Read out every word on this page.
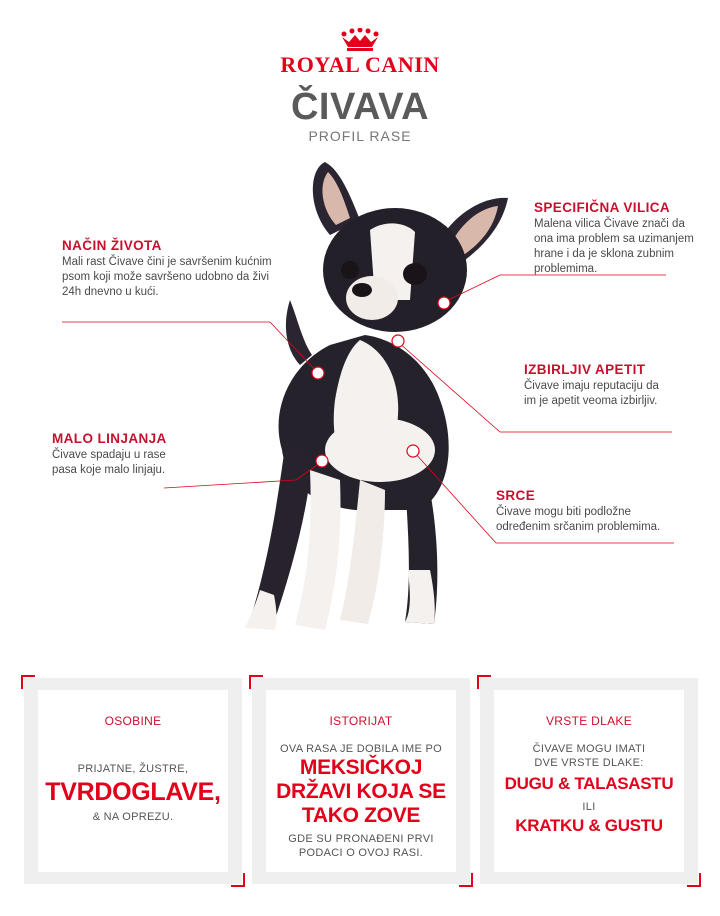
ROYAL CANIN
ČIVAVA
PROFIL RASE
NAČIN ŽIVOTA

Mali rast Čivave čini je savršenim kućnim psom koji može savršeno udobno da živi 24h dnevno u kući.

SPECIFIČNA VILICA

Malena vilica Čivave znači da ona ima problem sa uzimanjem hrane i da je sklona zubnim problemima.

IZBIRLJIV APETIT

Čivave imaju reputaciju da im je apetit veoma izbirljiv.

MALO LINJANJA

Čivave spadaju u rase pasa koje malo linjaju.

SRCE

Čivave mogu biti podložne određenim srčanim problemima.

OSOBINE
PRIJATNE, ŽUSTRE,
TVRDOGLAVE,
& NA OPREZU.
ISTORIJAT
OVA RASA JE DOBILA IME PO
MEKSIČKOJ
DRŽAVI KOJA SE
TAKO ZOVE
GDE SU PRONAĐENI PRVI
PODACI O OVOJ RASI.
VRSTE DLAKE
ČIVAVE MOGU IMATI
DVE VRSTE DLAKE:
DUGU & TALASASTU
ILI
KRATKU & GUSTU
